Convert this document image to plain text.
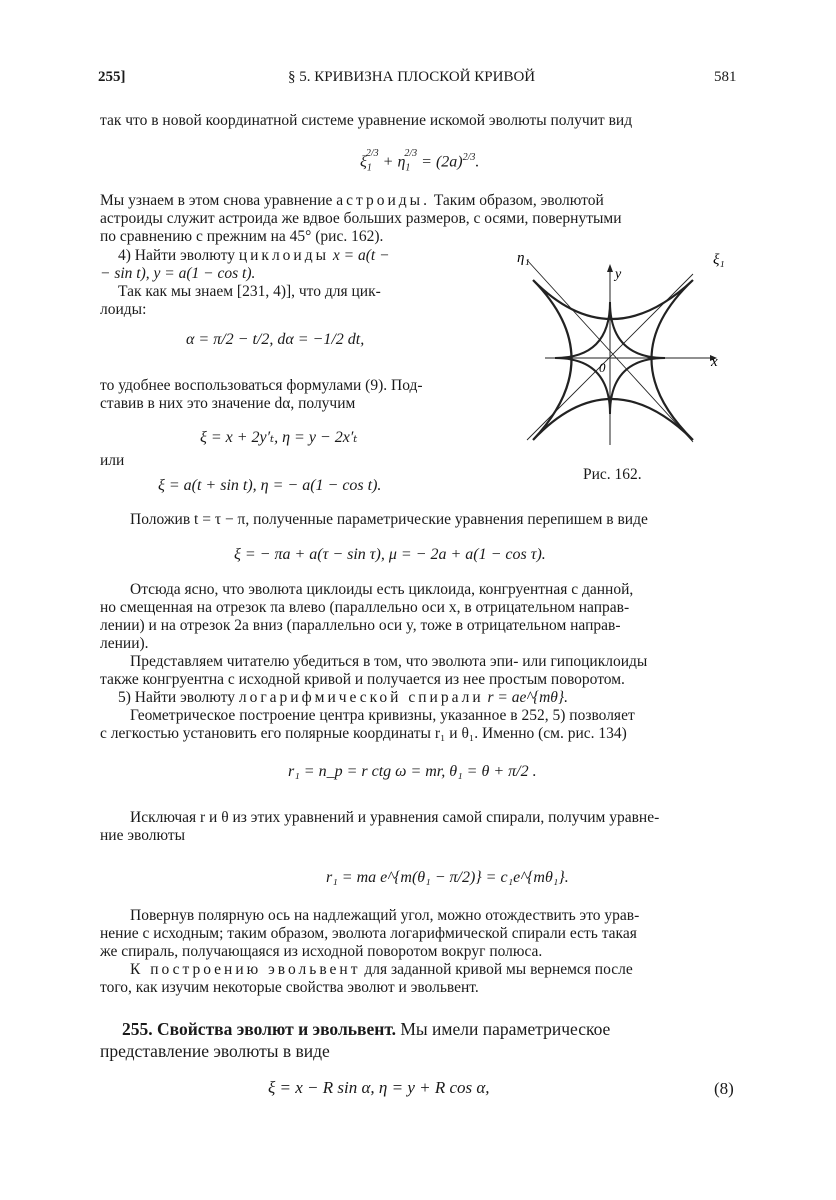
255]	§ 5. КРИВИЗНА ПЛОСКОЙ КРИВОЙ	581
так что в новой координатной системе уравнение искомой эволюты получит вид
$\xi_1^{2/3} + \eta_1^{2/3} = (2a)^{2/3}$.
Мы узнаем в этом снова уравнение астроиды. Таким образом, эволютой
астроиды служит астроида же вдвое больших размеров, с осями, повернутыми
по сравнению с прежним на 45° (рис. 162).
4) Найти эволюту циклоиды x = a(t −
− sin t), y = a(1 − cos t).
Так как мы знаем [231, 4)], что для цик-
лоиды:
α = π/2 − t/2, dα = −1/2 dt,
то удобнее воспользоваться формулами (9). Под-
ставив в них это значение dα, получим
ξ = x + 2y′ₜ, η = y − 2x′ₜ
или
ξ = a(t + sin t), η = − a(1 − cos t).
η₁	ξ₁
y
x
0
Рис. 162.
Положив t = τ − π, полученные параметрические уравнения перепишем в виде
ξ = − πa + a(τ − sin τ), μ = − 2a + a(1 − cos τ).
Отсюда ясно, что эволюта циклоиды есть циклоида, конгруентная с данной,
но смещенная на отрезок πa влево (параллельно оси x, в отрицательном направ-
лении) и на отрезок 2a вниз (параллельно оси y, тоже в отрицательном направ-
лении).
Представляем читателю убедиться в том, что эволюта эпи- или гипоциклоиды
также конгруентна с исходной кривой и получается из нее простым поворотом.
5) Найти эволюту логарифмической спирали r = ae^{mθ}.
Геометрическое построение центра кривизны, указанное в 252, 5) позволяет
с легкостью установить его полярные координаты r₁ и θ₁. Именно (см. рис. 134)
r₁ = n_p = r ctg ω = mr, θ₁ = θ + π/2 .
Исключая r и θ из этих уравнений и уравнения самой спирали, получим уравне-
ние эволюты
r₁ = ma e^{m(θ₁ − π/2)} = c₁e^{mθ₁}.
Повернув полярную ось на надлежащий угол, можно отождествить это урав-
нение с исходным; таким образом, эволюта логарифмической спирали есть такая
же спираль, получающаяся из исходной поворотом вокруг полюса.
К построению эвольвент для заданной кривой мы вернемся после
того, как изучим некоторые свойства эволют и эвольвент.
255. Свойства эволют и эвольвент. Мы имели параметрическое
представление эволюты в виде
ξ = x − R sin α, η = y + R cos α,	(8)
